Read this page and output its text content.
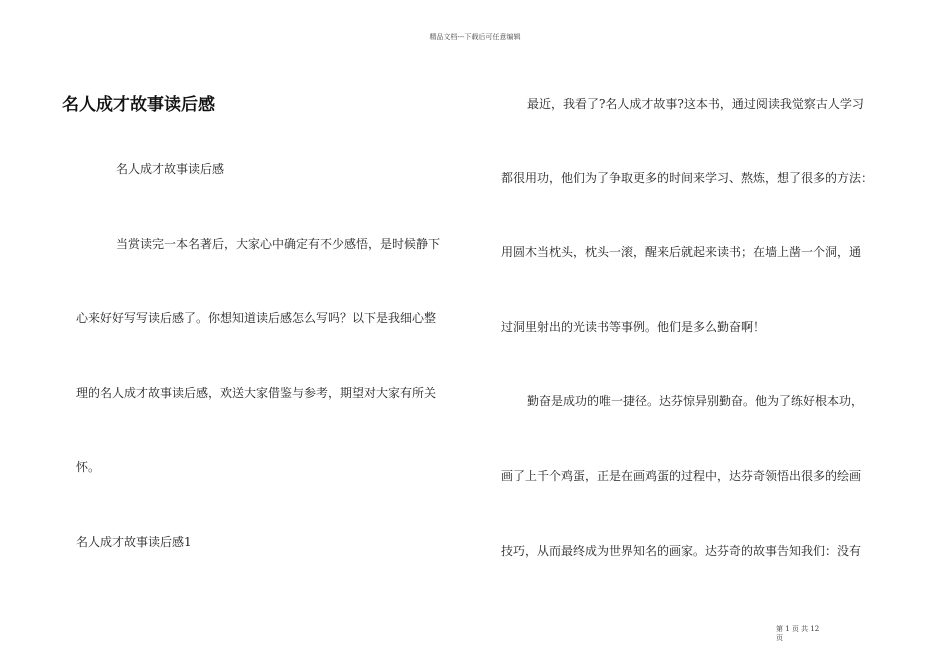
精品文档---下载后可任意编辑
名人成才故事读后感
名人成才故事读后感
当赏读完一本名著后，大家心中确定有不少感悟，是时候静下
心来好好写写读后感了。你想知道读后感怎么写吗？以下是我细心整
理的名人成才故事读后感，欢送大家借鉴与参考，期望对大家有所关
怀。
名人成才故事读后感1
最近，我看了?名人成才故事?这本书，通过阅读我觉察古人学习
都很用功，他们为了争取更多的时间来学习、熬炼，想了很多的方法：
用圆木当枕头，枕头一滚，醒来后就起来读书；在墙上凿一个洞，通
过洞里射出的光读书等事例。他们是多么勤奋啊！
勤奋是成功的唯一捷径。达芬惊异别勤奋。他为了练好根本功，
画了上千个鸡蛋，正是在画鸡蛋的过程中，达芬奇领悟出很多的绘画
技巧，从而最终成为世界知名的画家。达芬奇的故事告知我们：没有
第 1 页 共 12
页
